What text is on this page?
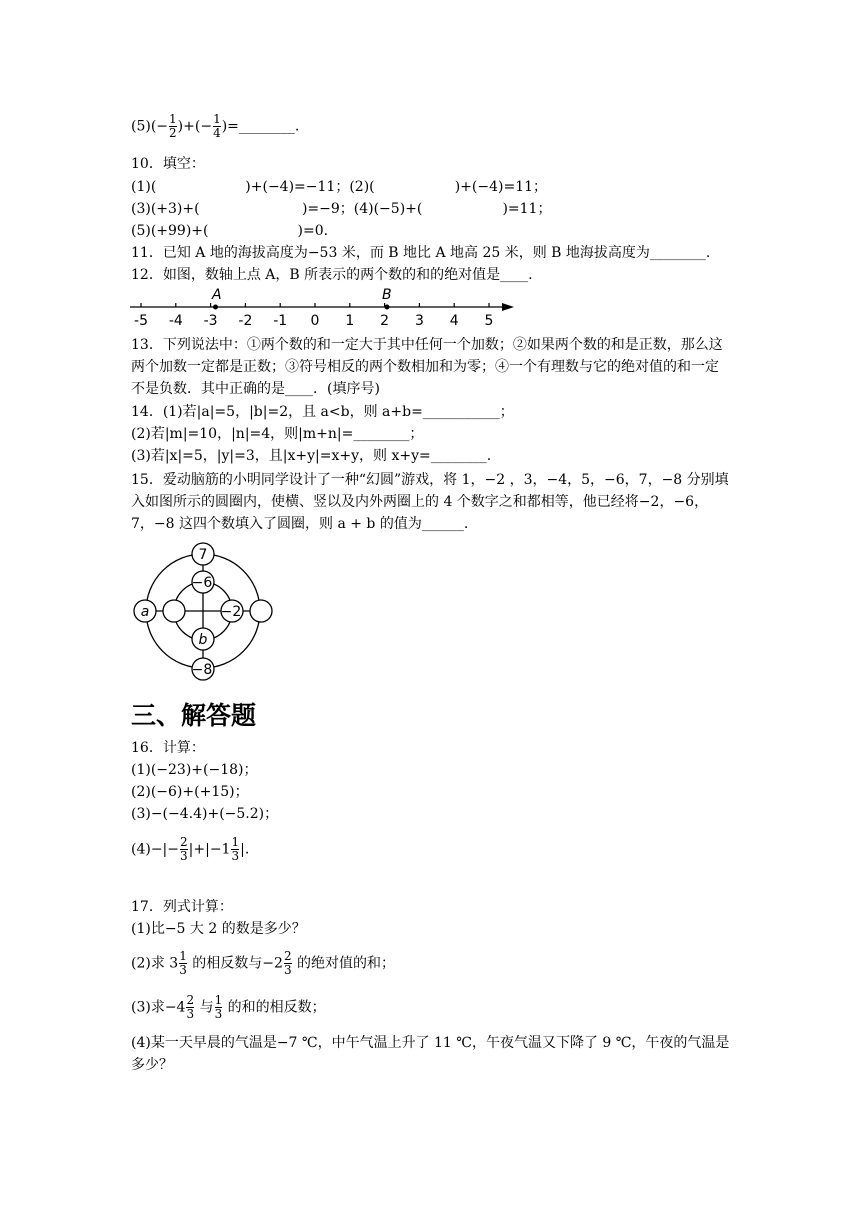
$(5)(- \frac{1}{2}$ )+(− $\frac{1}{4}$ )=________.
10．填空：
(1)(                    )+(−4)=−11；(2)(                  )+(−4)=11；
(3)(+3)+(                       )=−9；(4)(−5)+(                  )=11；
(5)(+99)+(                    )=0.
11．已知 A 地的海拔高度为−53 米，而 B 地比 A 地高 25 米，则 B 地海拔高度为________.
12．如图，数轴上点 A，B 所表示的两个数的和的绝对值是____.
-5 -4 -3 -2 -1 0 1 2 3 4 5
A	B
13．下列说法中：①两个数的和一定大于其中任何一个加数；②如果两个数的和是正数，那么这两个加数一定都是正数；③符号相反的两个数相加和为零；④一个有理数与它的绝对值的和一定不是负数．其中正确的是____．(填序号)
14．(1)若|a|=5，|b|=2，且 a<b，则 a+b=___________；
(2)若|m|=10，|n|=4，则|m+n|=________；
(3)若|x|=5，|y|=3，且|x+y|=x+y，则 x+y=________.
15．爱动脑筋的小明同学设计了一种“幻圆”游戏，将 1，−2 ，3，−4，5，−6，7，−8 分别填入如图所示的圆圈内，使横、竖以及内外两圈上的 4 个数字之和都相等，他已经将−2，−6，7，−8 这四个数填入了圆圈，则 a + b 的值为______.
7
−6
a	−2
b
−8
三、解答题
16．计算：
(1)(−23)+(−18)；
(2)(−6)+(+15)；
(3)−(−4.4)+(−5.2)；
$(4)-|- \frac{2}{3} |+|-1 \frac{1}{3}$ |.
17．列式计算：
(1)比−5 大 2 的数是多少？
(2)求 $3 \frac{1}{3}$ 的相反数与$-2 \frac{2}{3}$ 的绝对值的和；
(3)求$-4 \frac{2}{3}$ 与 $\frac{1}{3}$ 的和的相反数；
(4)某一天早晨的气温是−7 ℃，中午气温上升了 11 ℃，午夜气温又下降了 9 ℃，午夜的气温是多少？
